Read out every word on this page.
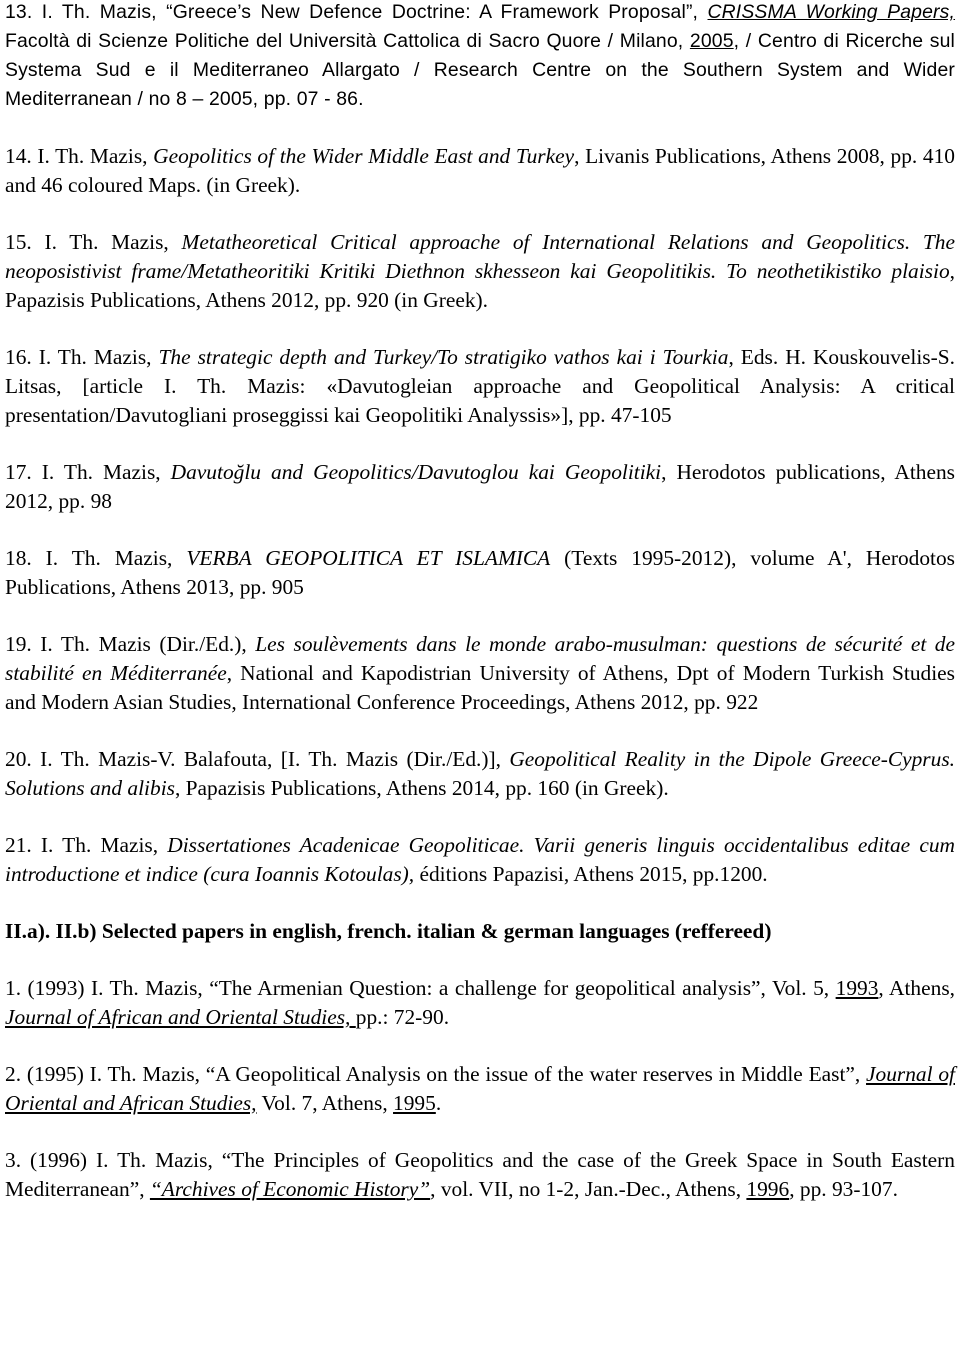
13. I. Th. Mazis, “Greece’s New Defence Doctrine: A Framework Proposal”, CRISSMA Working Papers, Facoltà di Scienze Politiche del Università Cattolica di Sacro Quore / Milano, 2005, / Centro di Ricerche sul Systema Sud e il Mediterraneo Allargato / Research Centre on the Southern System and Wider Mediterranean / no 8 – 2005, pp. 07 - 86.
14. I. Th. Mazis, Geopolitics of the Wider Middle East and Turkey, Livanis Publications, Athens 2008, pp. 410 and 46 coloured Maps. (in Greek).
15. I. Th. Mazis, Metatheoretical Critical approache of International Relations and Geopolitics. The neoposistivist frame/Metatheoritiki Kritiki Diethnon skhesseon kai Geopolitikis. To neothetikistiko plaisio, Papazisis Publications, Athens 2012, pp. 920 (in Greek).
16. I. Th. Mazis, The strategic depth and Turkey/To stratigiko vathos kai i Tourkia, Eds. H. Kouskouvelis-S. Litsas, [article I. Th. Mazis: «Davutogleian approache and Geopolitical Analysis: A critical presentation/Davutogliani proseggissi kai Geopolitiki Analyssis»], pp. 47-105
17. I. Th. Mazis, Davutoğlu and Geopolitics/Davutoglou kai Geopolitiki, Herodotos publications, Athens 2012, pp. 98
18. I. Th. Mazis, VERBA GEOPOLITICA ET ISLAMICA (Texts 1995-2012), volume A', Herodotos Publications, Athens 2013, pp. 905
19. I. Th. Mazis (Dir./Ed.), Les soulèvements dans le monde arabo-musulman: questions de sécurité et de stabilité en Méditerranée, National and Kapodistrian University of Athens, Dpt of Modern Turkish Studies and Modern Asian Studies, International Conference Proceedings, Athens 2012, pp. 922
20. I. Th. Mazis-V. Balafouta, [I. Th. Mazis (Dir./Ed.)], Geopolitical Reality in the Dipole Greece-Cyprus. Solutions and alibis, Papazisis Publications, Athens 2014, pp. 160 (in Greek).
21. I. Th. Mazis, Dissertationes Acadenicae Geopoliticae. Varii generis linguis occidentalibus editae cum introductione et indice (cura Ioannis Kotoulas), éditions Papazisi, Athens 2015, pp.1200.
II.a). II.b) Selected papers in english, french. italian & german languages (reffereed)
1. (1993) I. Th. Mazis, “The Armenian Question: a challenge for geopolitical analysis”, Vol. 5, 1993, Athens, Journal of African and Oriental Studies, pp.: 72-90.
2. (1995) I. Th. Mazis, “A Geopolitical Analysis on the issue of the water reserves in Middle East”, Journal of Oriental and African Studies, Vol. 7, Athens, 1995.
3. (1996) I. Th. Mazis, “The Principles of Geopolitics and the case of the Greek Space in South Eastern Mediterranean”, “Archives of Economic History”, vol. VII, no 1-2, Jan.-Dec., Athens, 1996, pp. 93-107.
